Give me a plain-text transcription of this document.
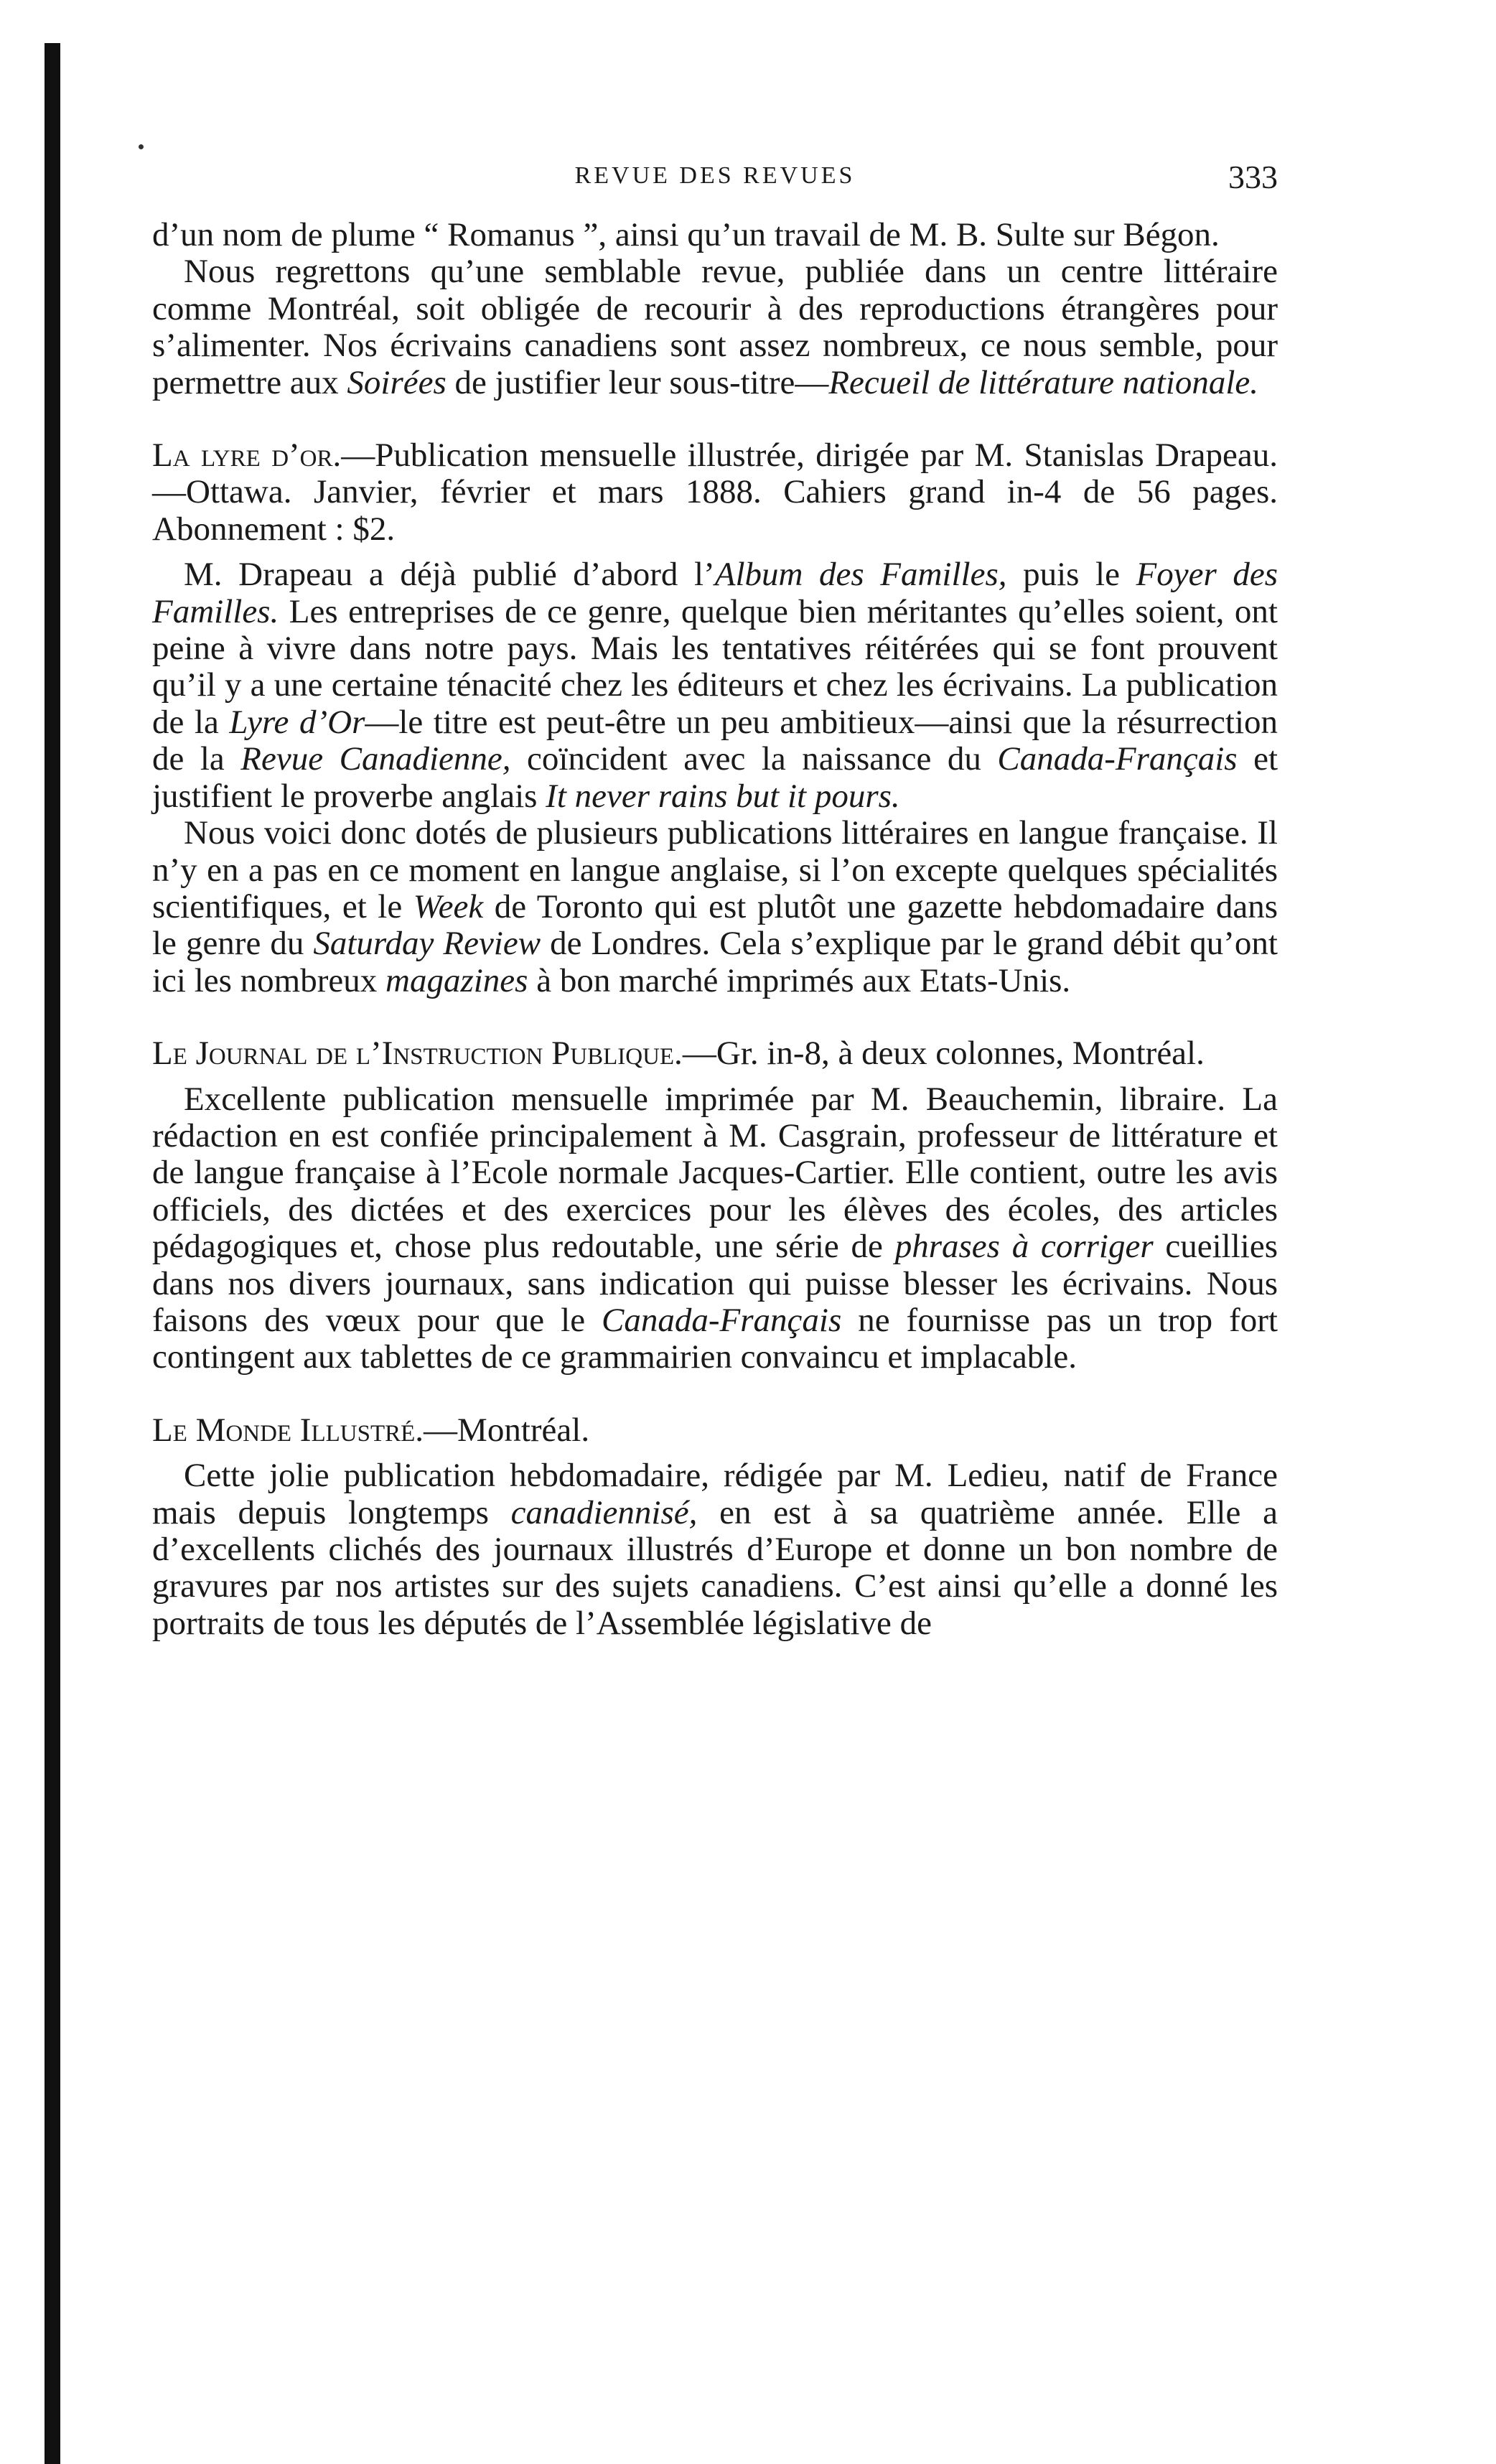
REVUE DES REVUES	333

d’un nom de plume “ Romanus ”, ainsi qu’un travail de M. B. Sulte sur Bégon.

Nous regrettons qu’une semblable revue, publiée dans un centre littéraire comme Montréal, soit obligée de recourir à des reproductions étrangères pour s’alimenter. Nos écrivains canadiens sont assez nombreux, ce nous semble, pour permettre aux Soirées de justifier leur sous-titre—Recueil de littérature nationale.

La lyre d’or.—Publication mensuelle illustrée, dirigée par M. Stanislas Drapeau.—Ottawa. Janvier, février et mars 1888. Cahiers grand in-4 de 56 pages. Abonnement : $2.

M. Drapeau a déjà publié d’abord l’Album des Familles, puis le Foyer des Familles. Les entreprises de ce genre, quelque bien méritantes qu’elles soient, ont peine à vivre dans notre pays. Mais les tentatives réitérées qui se font prouvent qu’il y a une certaine ténacité chez les éditeurs et chez les écrivains. La publication de la Lyre d’Or—le titre est peut-être un peu ambitieux—ainsi que la résurrection de la Revue Canadienne, coïncident avec la naissance du Canada-Français et justifient le proverbe anglais It never rains but it pours.

Nous voici donc dotés de plusieurs publications littéraires en langue française. Il n’y en a pas en ce moment en langue anglaise, si l’on excepte quelques spécialités scientifiques, et le Week de Toronto qui est plutôt une gazette hebdomadaire dans le genre du Saturday Review de Londres. Cela s’explique par le grand débit qu’ont ici les nombreux magazines à bon marché imprimés aux Etats-Unis.

Le Journal de l’Instruction Publique.—Gr. in-8, à deux colonnes, Montréal.

Excellente publication mensuelle imprimée par M. Beauchemin, libraire. La rédaction en est confiée principalement à M. Casgrain, professeur de littérature et de langue française à l’Ecole normale Jacques-Cartier. Elle contient, outre les avis officiels, des dictées et des exercices pour les élèves des écoles, des articles pédagogiques et, chose plus redoutable, une série de phrases à corriger cueillies dans nos divers journaux, sans indication qui puisse blesser les écrivains. Nous faisons des vœux pour que le Canada-Français ne fournisse pas un trop fort contingent aux tablettes de ce grammairien convaincu et implacable.

Le Monde Illustré.—Montréal.

Cette jolie publication hebdomadaire, rédigée par M. Ledieu, natif de France mais depuis longtemps canadiennisé, en est à sa quatrième année. Elle a d’excellents clichés des journaux illustrés d’Europe et donne un bon nombre de gravures par nos artistes sur des sujets canadiens. C’est ainsi qu’elle a donné les portraits de tous les députés de l’Assemblée législative de
